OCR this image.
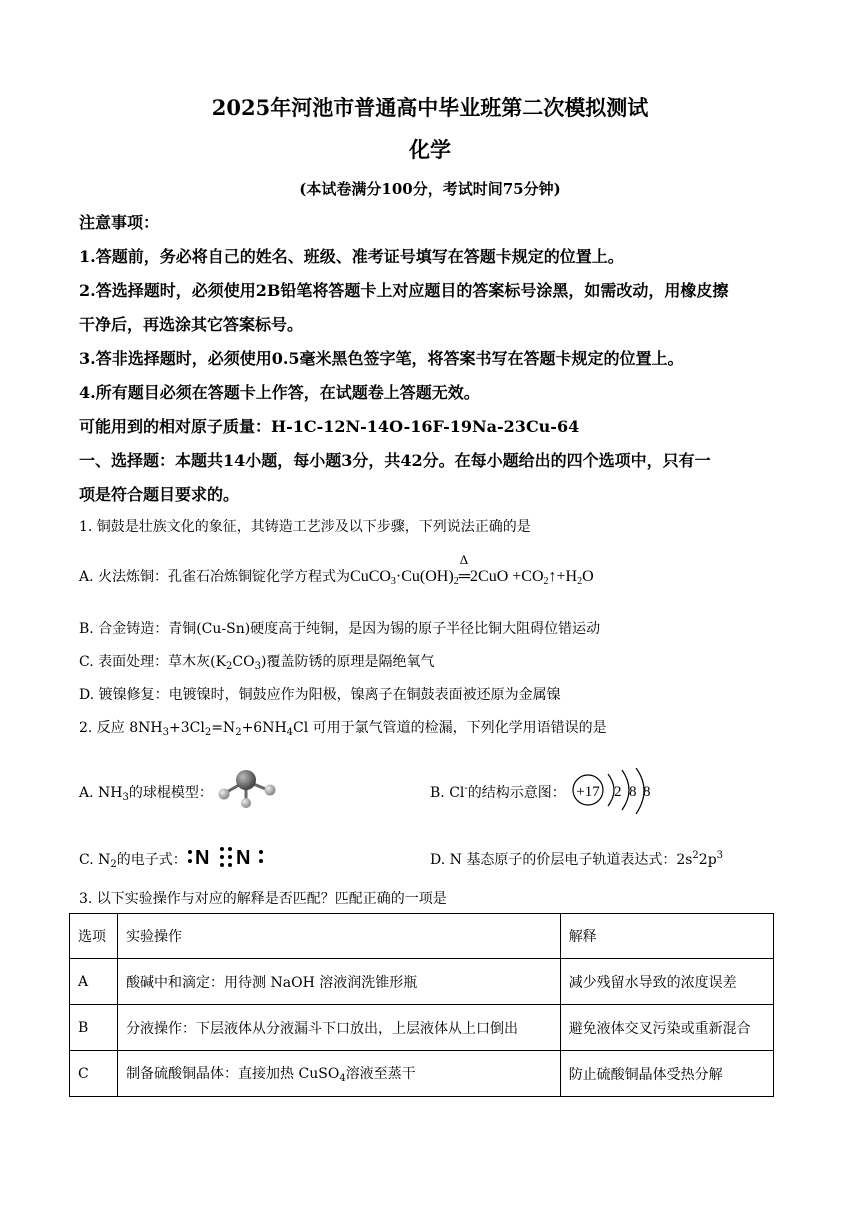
2025年河池市普通高中毕业班第二次模拟测试
化学
(本试卷满分100分，考试时间75分钟)
注意事项：
1.答题前，务必将自己的姓名、班级、准考证号填写在答题卡规定的位置上。
2.答选择题时，必须使用2B铅笔将答题卡上对应题目的答案标号涂黑，如需改动，用橡皮擦
干净后，再选涂其它答案标号。
3.答非选择题时，必须使用0.5毫米黑色签字笔，将答案书写在答题卡规定的位置上。
4.所有题目必须在答题卡上作答，在试题卷上答题无效。
可能用到的相对原子质量：H-1C-12N-14O-16F-19Na-23Cu-64
一、选择题：本题共14小题，每小题3分，共42分。在每小题给出的四个选项中，只有一
项是符合题目要求的。
1. 铜鼓是壮族文化的象征，其铸造工艺涉及以下步骤，下列说法正确的是
A. 火法炼铜：孔雀石冶炼铜锭化学方程式为$CuCO_3\cdot Cu(OH)_2$
Δ
═2CuO $+CO_2↑+H_2O$
B. 合金铸造：青铜(Cu-Sn)硬度高于纯铜，是因为锡的原子半径比铜大阻碍位错运动
C. 表面处理：草木灰$(K_2CO_3)$覆盖防锈的原理是隔绝氧气
D. 镀镍修复：电镀镍时，铜鼓应作为阳极，镍离子在铜鼓表面被还原为金属镍
2. 反应 $8NH_3+3Cl_2=N_2+6NH_4Cl$ 可用于氯气管道的检漏，下列化学用语错误的是
A. $NH_3$的球棍模型：	B. Cl-的结构示意图： +17 2 8 8
C. $N_2$的电子式： N N	D. N 基态原子的价层电子轨道表达式：$2s^22p^3$
3. 以下实验操作与对应的解释是否匹配？匹配正确的一项是
选项	实验操作	解释
A	酸碱中和滴定：用待测 NaOH 溶液润洗锥形瓶	减少残留水导致的浓度误差
B	分液操作：下层液体从分液漏斗下口放出，上层液体从上口倒出	避免液体交叉污染或重新混合
C	制备硫酸铜晶体：直接加热 CuSO$_4$溶液至蒸干	防止硫酸铜晶体受热分解
